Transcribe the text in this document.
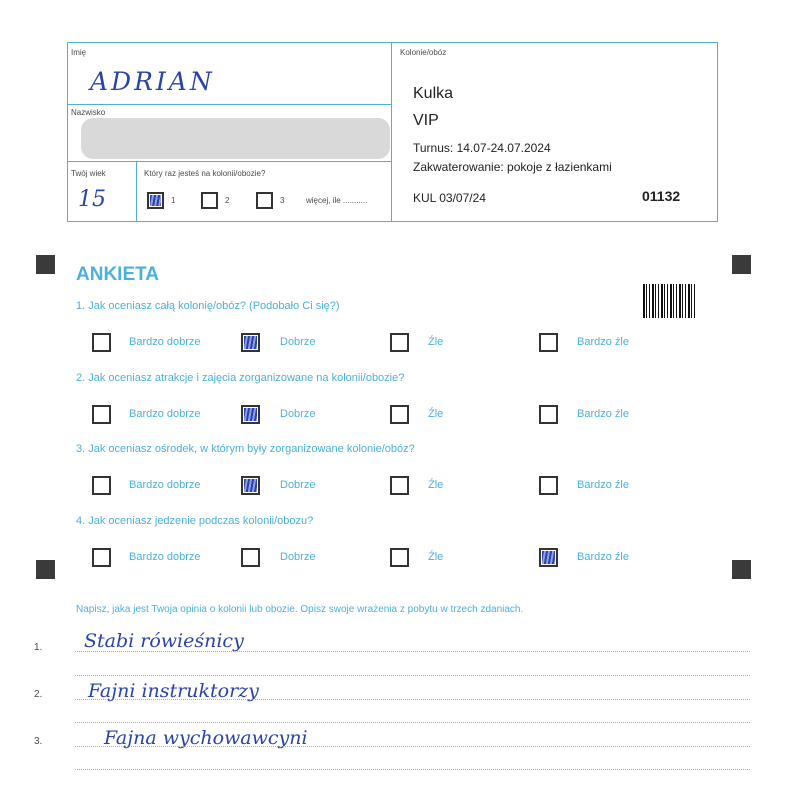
Imię
ADRIAN
Nazwisko
Twój wiek
15
Który raz jesteś na kolonii/obozie?
1	2	3	więcej, ile ...........
Kolonie/obóz
Kulka
VIP
Turnus: 14.07-24.07.2024
Zakwaterowanie: pokoje z łazienkami
KUL 03/07/24	01132
ANKIETA
1. Jak oceniasz całą kolonię/obóz? (Podobało Ci się?)
Bardzo dobrze	Dobrze	Źle	Bardzo źle
2. Jak oceniasz atrakcje i zajęcia zorganizowane na kolonii/obozie?
Bardzo dobrze	Dobrze	Źle	Bardzo źle
3. Jak oceniasz ośrodek, w którym były zorganizowane kolonie/obóz?
Bardzo dobrze	Dobrze	Źle	Bardzo źle
4. Jak oceniasz jedzenie podczas kolonii/obozu?
Bardzo dobrze	Dobrze	Źle	Bardzo źle
Napisz, jaka jest Twoja opinia o kolonii lub obozie. Opisz swoje wrażenia z pobytu w trzech zdaniach.
1. Stabi rówieśnicy
2. Fajni instruktorzy
3.	Fajna wychowawcyni
